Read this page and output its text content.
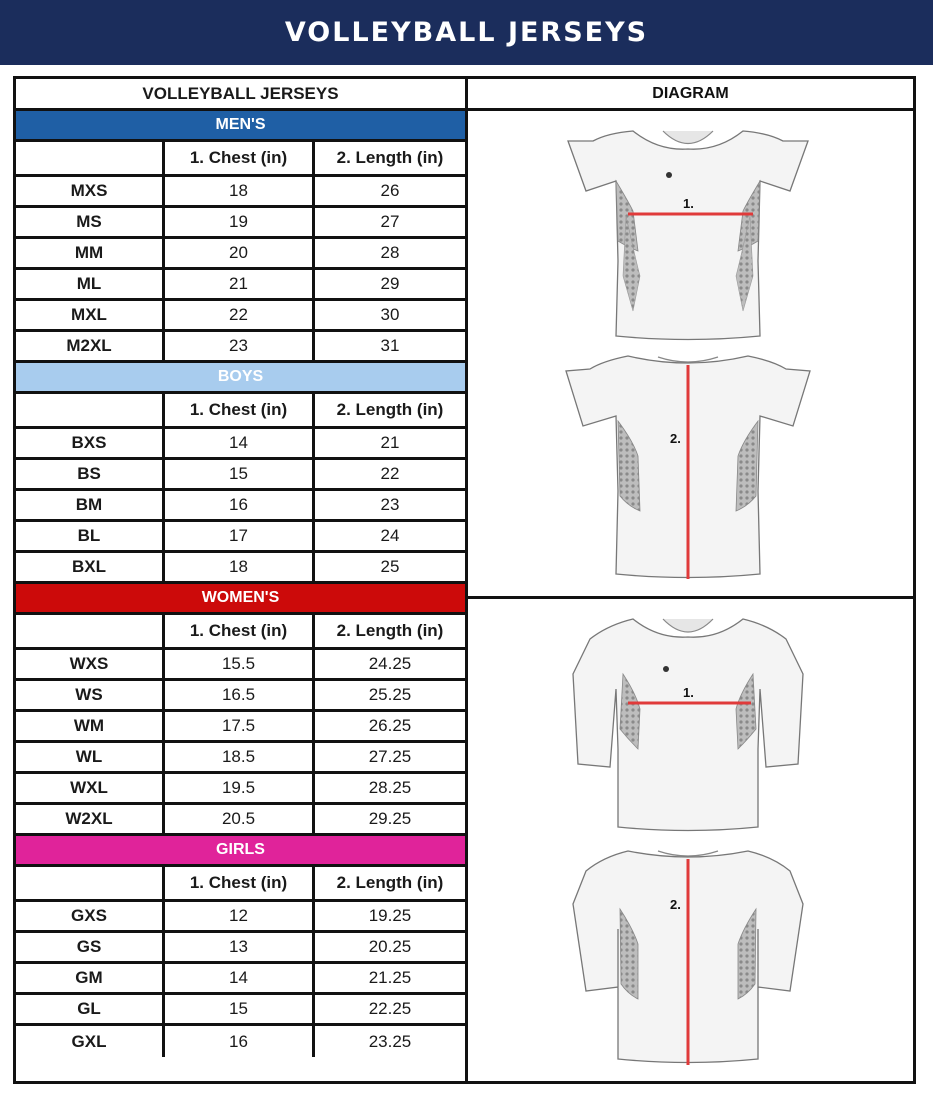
VOLLEYBALL JERSEYS
VOLLEYBALL JERSEYS
MEN'S
1. Chest (in)	2. Length (in)
MXS	18	26
MS	19	27
MM	20	28
ML	21	29
MXL	22	30
M2XL	23	31
BOYS
1. Chest (in)	2. Length (in)
BXS	14	21
BS	15	22
BM	16	23
BL	17	24
BXL	18	25
WOMEN'S
1. Chest (in)	2. Length (in)
WXS	15.5	24.25
WS	16.5	25.25
WM	17.5	26.25
WL	18.5	27.25
WXL	19.5	28.25
W2XL	20.5	29.25
GIRLS
1. Chest (in)	2. Length (in)
GXS	12	19.25
GS	13	20.25
GM	14	21.25
GL	15	22.25
GXL	16	23.25
DIAGRAM
1.
2.
1.
2.
